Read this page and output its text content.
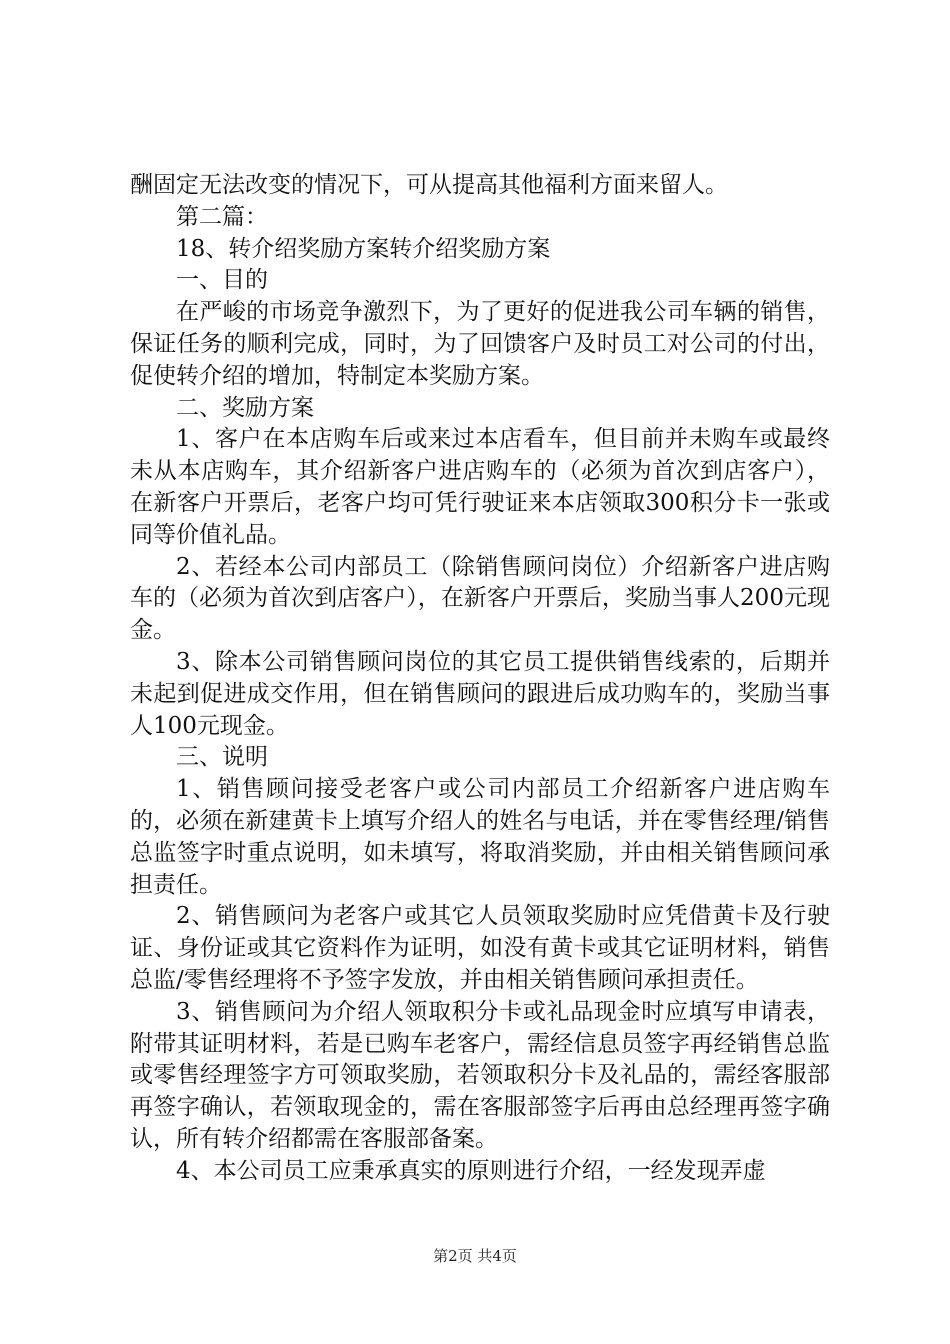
酬固定无法改变的情况下，可从提高其他福利方面来留人。

第二篇：

18、转介绍奖励方案转介绍奖励方案

一、目的

在严峻的市场竞争激烈下，为了更好的促进我公司车辆的销售，保证任务的顺利完成，同时，为了回馈客户及时员工对公司的付出，促使转介绍的增加，特制定本奖励方案。

二、奖励方案

1、客户在本店购车后或来过本店看车，但目前并未购车或最终未从本店购车，其介绍新客户进店购车的（必须为首次到店客户），在新客户开票后，老客户均可凭行驶证来本店领取300积分卡一张或同等价值礼品。

2、若经本公司内部员工（除销售顾问岗位）介绍新客户进店购车的（必须为首次到店客户），在新客户开票后，奖励当事人200元现金。

3、除本公司销售顾问岗位的其它员工提供销售线索的，后期并未起到促进成交作用，但在销售顾问的跟进后成功购车的，奖励当事人100元现金。

三、说明

1、销售顾问接受老客户或公司内部员工介绍新客户进店购车的，必须在新建黄卡上填写介绍人的姓名与电话，并在零售经理/销售总监签字时重点说明，如未填写，将取消奖励，并由相关销售顾问承担责任。

2、销售顾问为老客户或其它人员领取奖励时应凭借黄卡及行驶证、身份证或其它资料作为证明，如没有黄卡或其它证明材料，销售总监/零售经理将不予签字发放，并由相关销售顾问承担责任。

3、销售顾问为介绍人领取积分卡或礼品现金时应填写申请表，附带其证明材料，若是已购车老客户，需经信息员签字再经销售总监或零售经理签字方可领取奖励，若领取积分卡及礼品的，需经客服部再签字确认，若领取现金的，需在客服部签字后再由总经理再签字确认，所有转介绍都需在客服部备案。

4、本公司员工应秉承真实的原则进行介绍，一经发现弄虚

第2页 共4页
